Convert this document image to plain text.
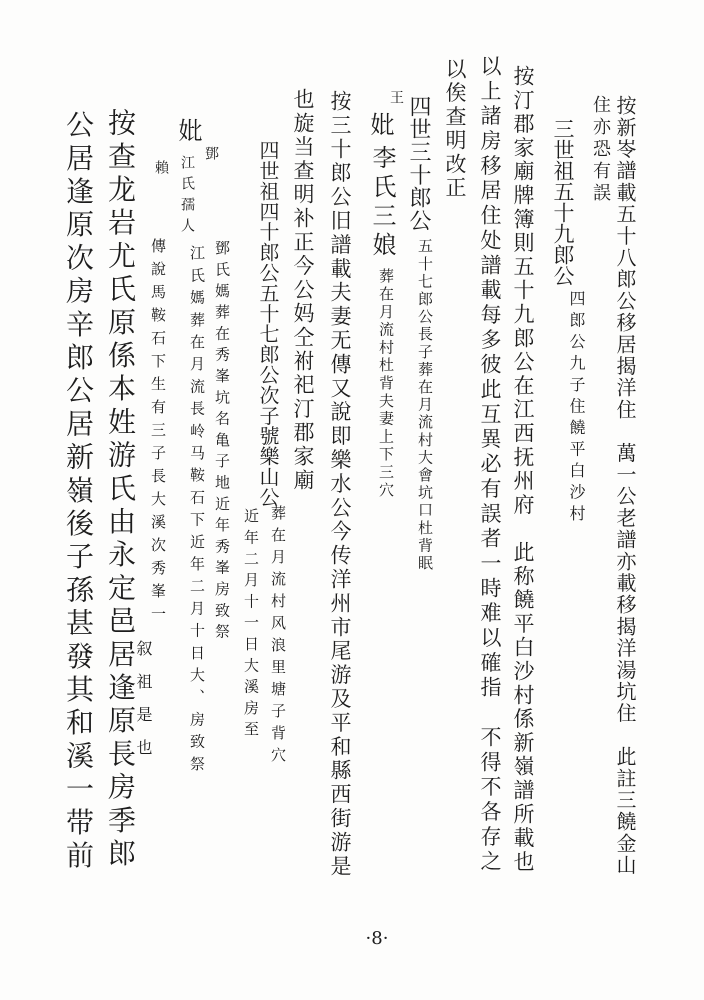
按新岺譜載五十八郎公移居揭洋住　萬一公老譜亦載移揭洋湯坑住　此註三饒金山
住亦恐有誤
三世祖五十九郎公
四郎公九子住饒平白沙村
按汀郡家廟牌簿則五十九郎公在江西抚州府　此称饒平白沙村係新嶺譜所載也
以上諸房移居住处譜載每多彼此互異必有誤者一時难以確指　不得不各存之
以俟查明改正
四世三十郎公
五十七郎公長子葬在月流村大會坑口杜背眠
妣
王
李氏三娘
葬在月流村杜背夫妻上下三穴
按三十郎公旧譜載夫妻无傳又說即樂水公今传洋州市尾游及平和縣西街游是
也旋当查明补正今公妈仝祔祀汀郡家廟
四世祖四十郎公五十七郎公次子號樂山公
葬在月流村风浪里塘子背穴
近年二月十一日大溪房至
鄧氏媽葬在秀峯坑名亀子地近年秀峯房致祭
妣
鄧
江氏孺人
賴
江氏媽葬在月流長岭马鞍石下近年二月十日大、房致祭
傳說馬鞍石下生有三子長大溪次秀峯一
叙祖是也
按查龙岩尤氏原係本姓游氏由永定邑居逢原長房季郎
公居逢原次房辛郎公居新嶺後子孫甚發其和溪一带前
·8·
